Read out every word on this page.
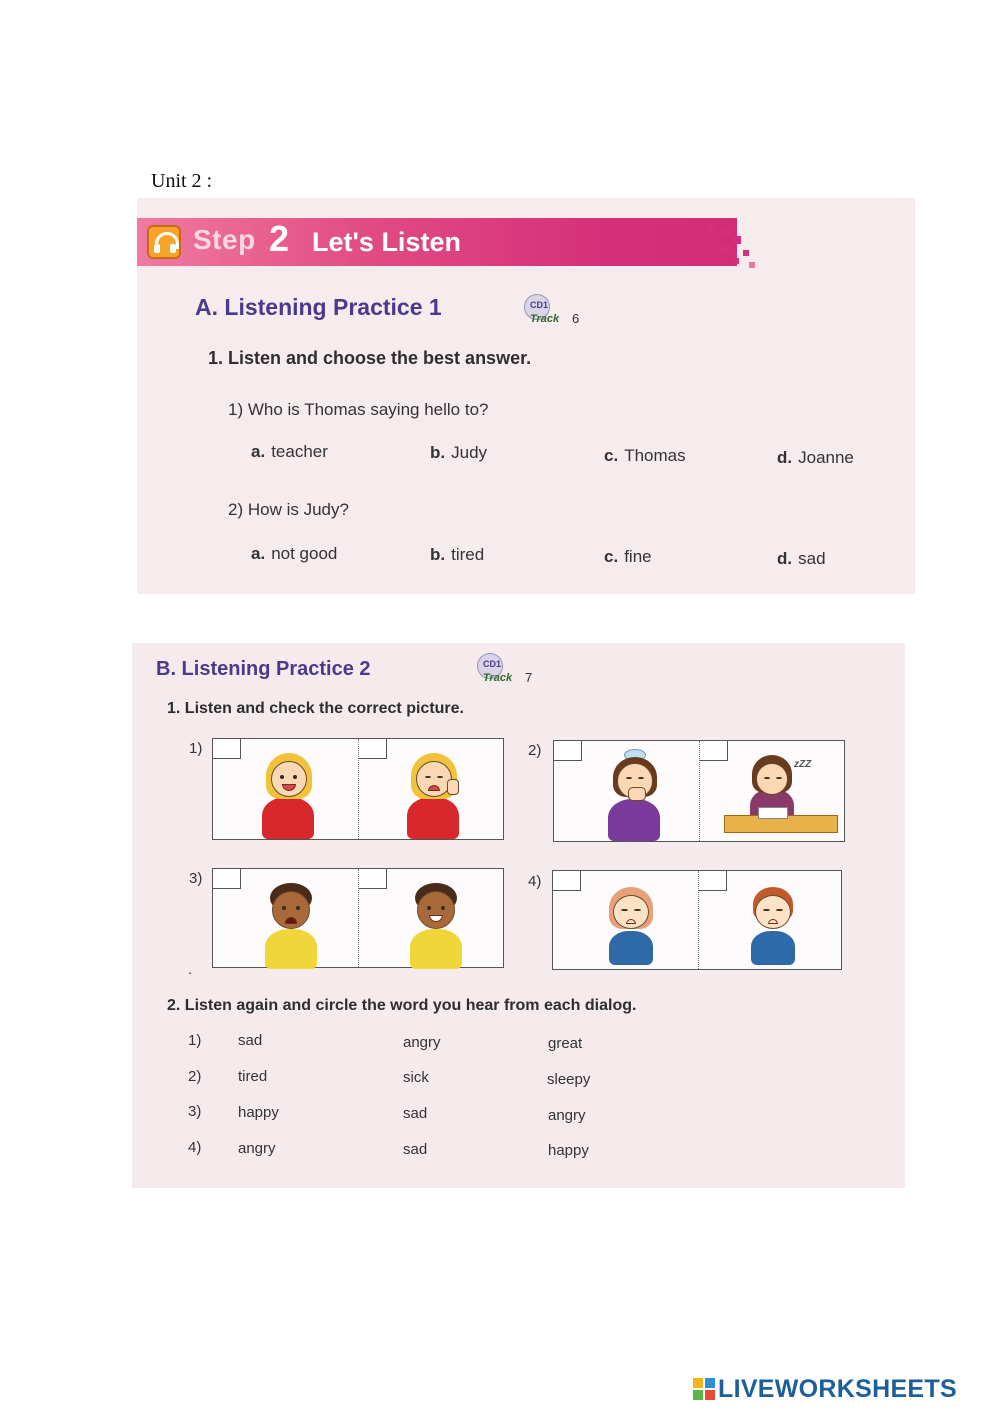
Unit 2 :
Step 2 Let's Listen
A. Listening Practice 1	CD1
Track 6
1. Listen and choose the best answer.
1) Who is Thomas saying hello to?
a. teacher	b. Judy	c. Thomas	d. Joanne
2) How is Judy?
a. not good	b. tired	c. fine	d. sad
B. Listening Practice 2	CD1
Track 7
1. Listen and check the correct picture.
1)	2)
zZZ
3)
.
4)
2. Listen again and circle the word you hear from each dialog.
1) sad	angry	great
2) tired	sick	sleepy
3) happy	sad	angry
4) angry	sad	happy
LIVEWORKSHEETS
